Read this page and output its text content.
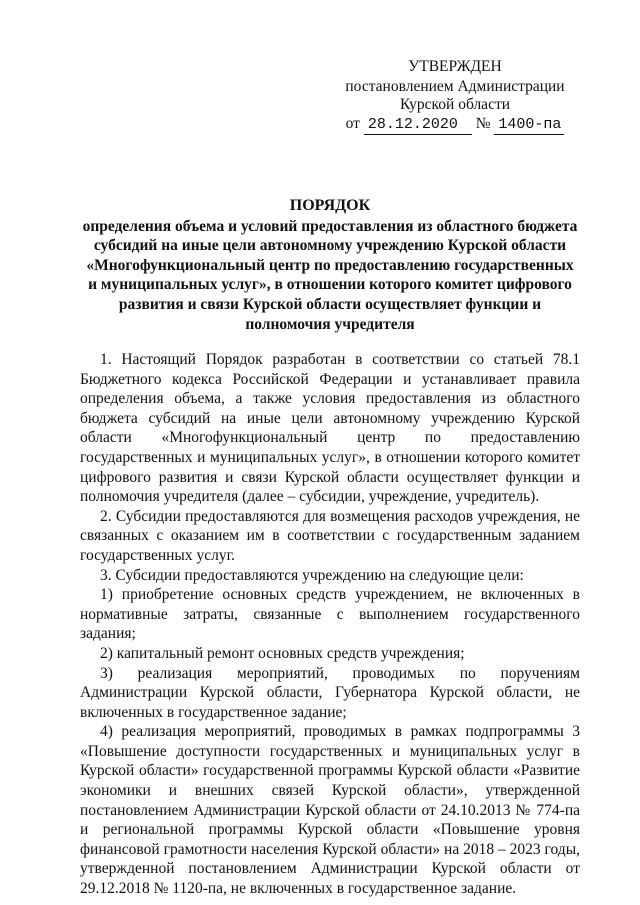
УТВЕРЖДЕН
постановлением Администрации
Курской области
от 28.12.2020 № 1400-па
ПОРЯДОК
определения объема и условий предоставления из областного бюджета субсидий на иные цели автономному учреждению Курской области «Многофункциональный центр по предоставлению государственных и муниципальных услуг», в отношении которого комитет цифрового развития и связи Курской области осуществляет функции и полномочия учредителя

1. Настоящий Порядок разработан в соответствии со статьей 78.1 Бюджетного кодекса Российской Федерации и устанавливает правила определения объема, а также условия предоставления из областного бюджета субсидий на иные цели автономному учреждению Курской области «Многофункциональный центр по предоставлению государственных и муниципальных услуг», в отношении которого комитет цифрового развития и связи Курской области осуществляет функции и полномочия учредителя (далее – субсидии, учреждение, учредитель).

2. Субсидии предоставляются для возмещения расходов учреждения, не связанных с оказанием им в соответствии с государственным заданием государственных услуг.

3. Субсидии предоставляются учреждению на следующие цели:

1) приобретение основных средств учреждением, не включенных в нормативные затраты, связанные с выполнением государственного задания;

2) капитальный ремонт основных средств учреждения;

3) реализация мероприятий, проводимых по поручениям Администрации Курской области, Губернатора Курской области, не включенных в государственное задание;

4) реализация мероприятий, проводимых в рамках подпрограммы 3 «Повышение доступности государственных и муниципальных услуг в Курской области» государственной программы Курской области «Развитие экономики и внешних связей Курской области», утвержденной постановлением Администрации Курской области от 24.10.2013 № 774-па и региональной программы Курской области «Повышение уровня финансовой грамотности населения Курской области» на 2018 – 2023 годы, утвержденной постановлением Администрации Курской области от 29.12.2018 № 1120-па, не включенных в государственное задание.
